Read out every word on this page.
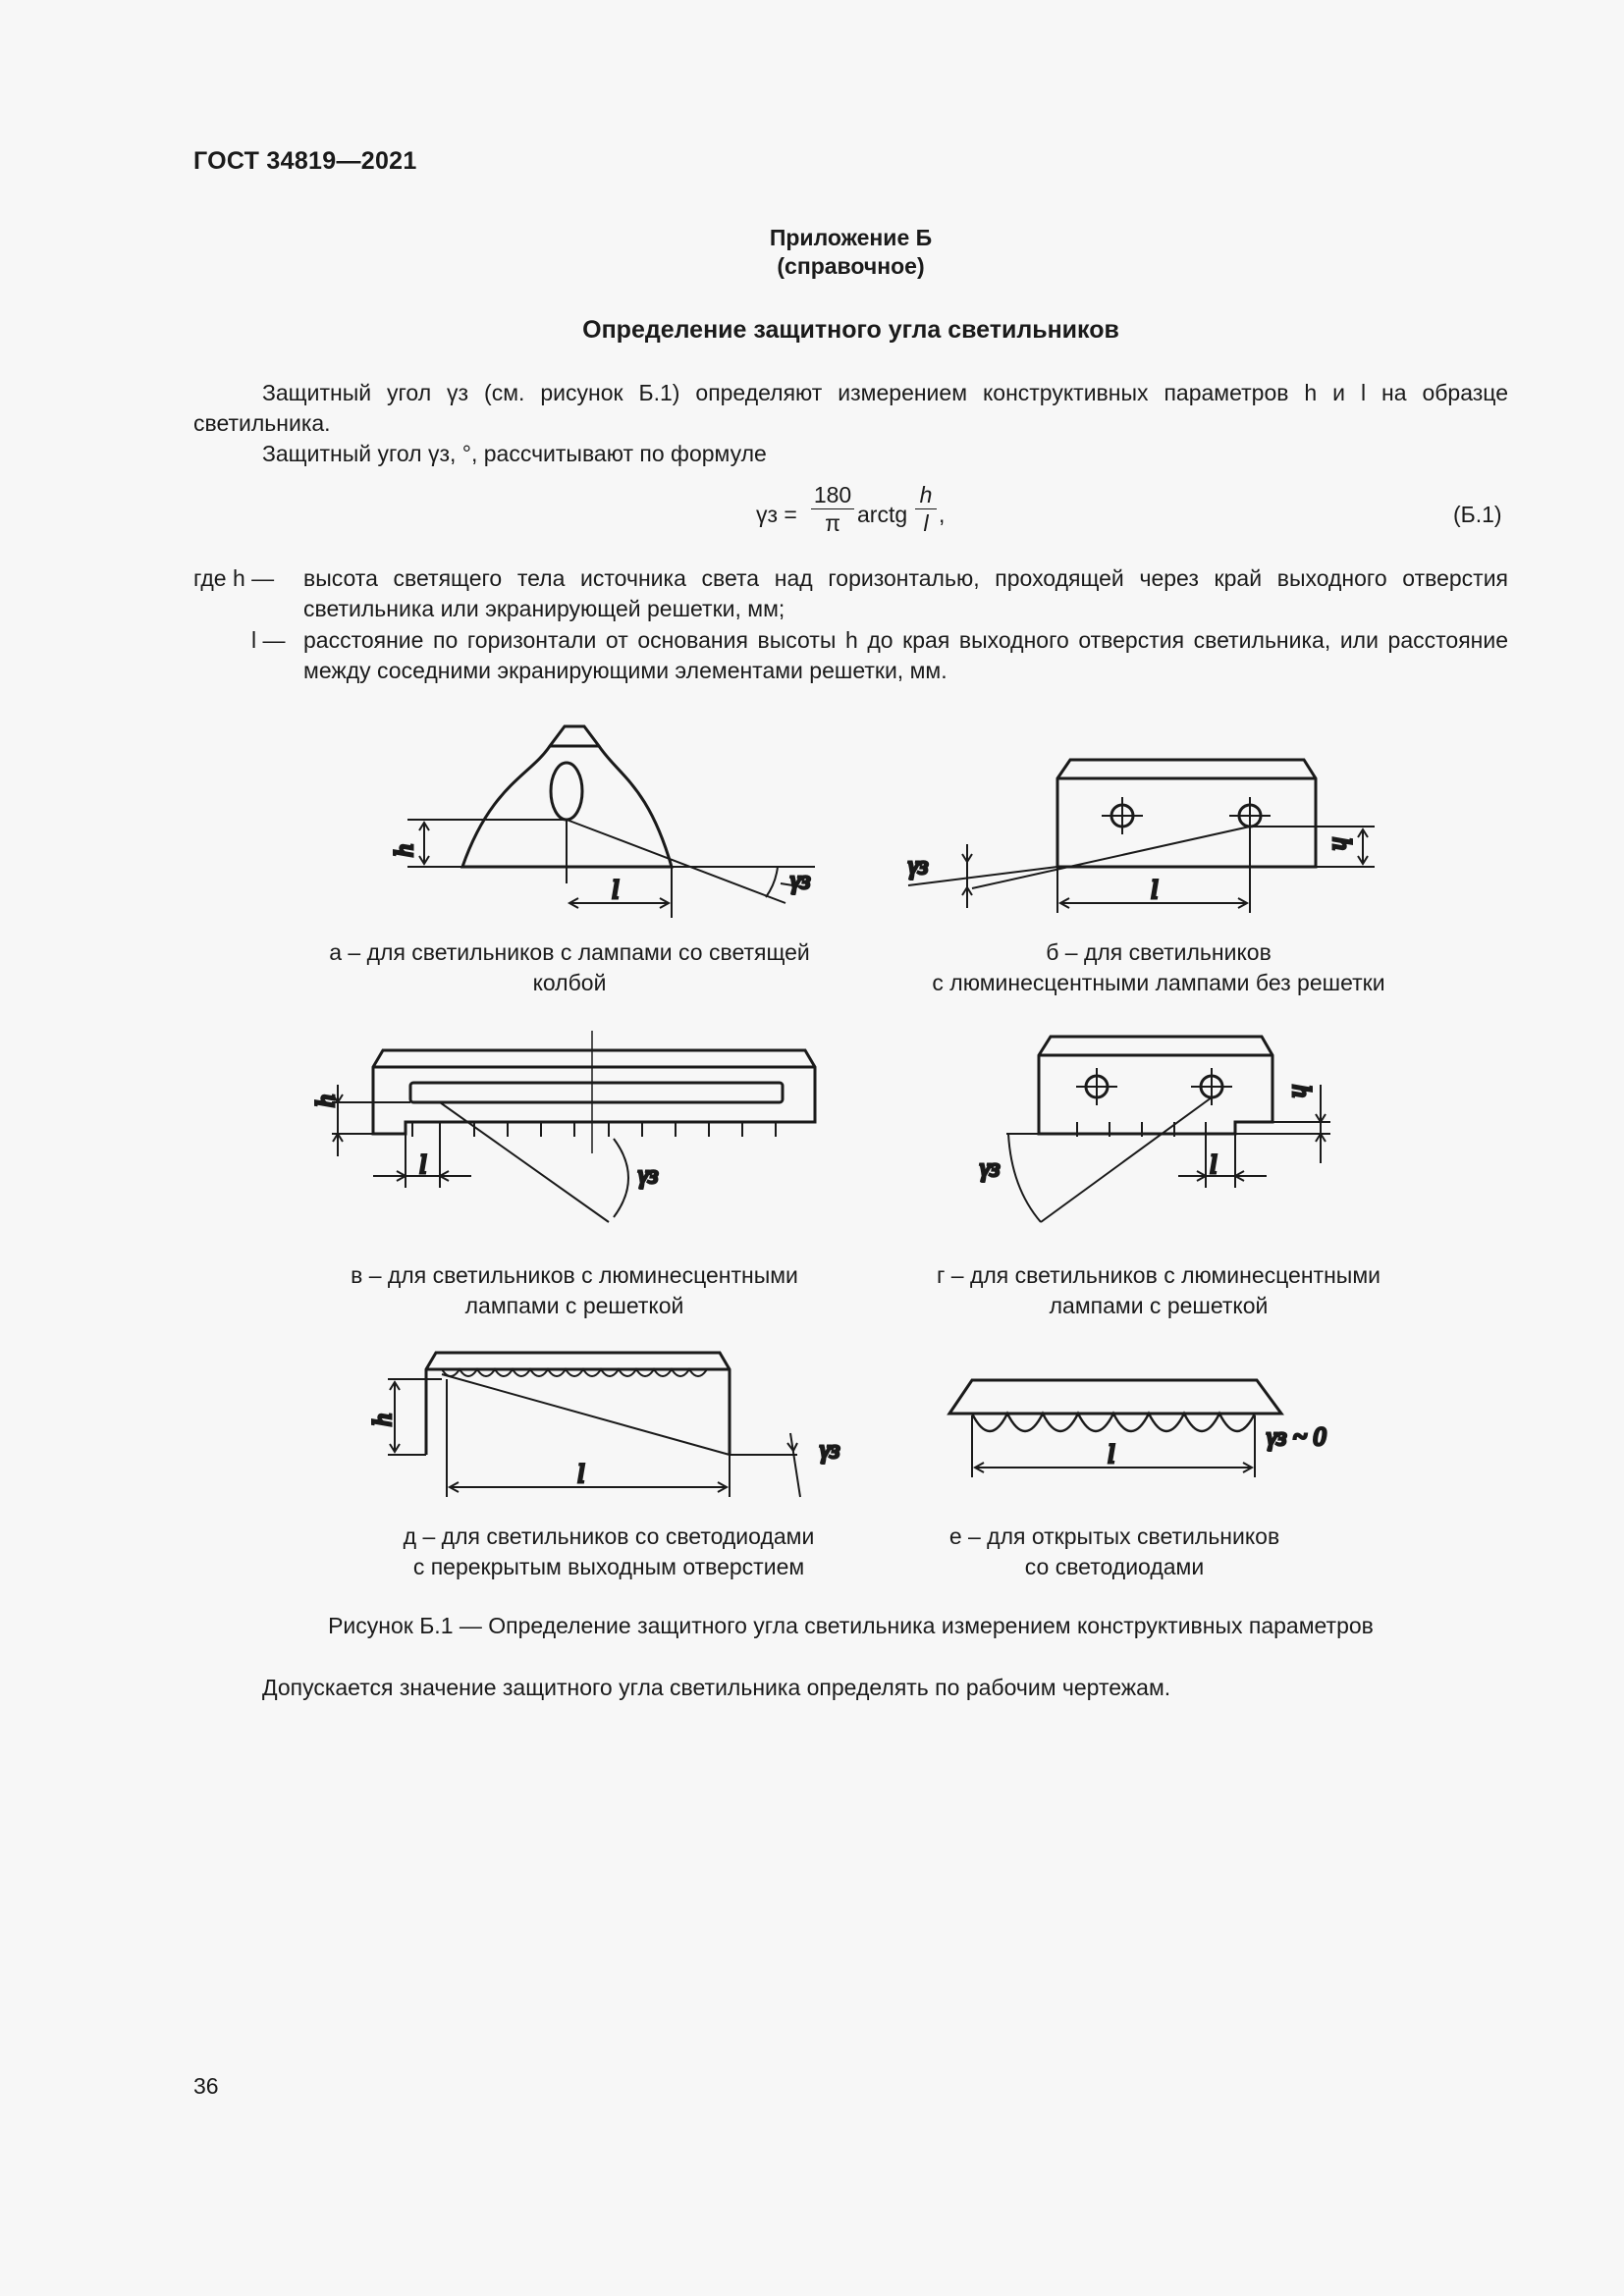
ГОСТ 34819—2021
Приложение Б
(справочное)
Определение защитного угла светильников
Защитный угол γз (см. рисунок Б.1) определяют измерением конструктивных параметров h и l на образце светильника.
Защитный угол γз, °, рассчитывают по формуле
$\gamma з = \frac{180}{\pi}$ arctg $\frac{h}{l}$ ,	(Б.1)
где h — высота светящего тела источника света над горизонталью, проходящей через край выходного отверстия светильника или экранирующей решетки, мм;
l — расстояние по горизонтали от основания высоты h до края выходного отверстия светильника, или расстояние между соседними экранирующими элементами решетки, мм.
h
l	γз
h
l
γз
h
l	γз
h
l
γз
h
l
γз	l
γз ~ 0
а – для светильников с лампами со светящей
колбой
б – для светильников
с люминесцентными лампами без решетки
в – для светильников с люминесцентными
лампами с решеткой
г – для светильников с люминесцентными
лампами с решеткой
д – для светильников со светодиодами
с перекрытым выходным отверстием
е – для открытых светильников
со светодиодами
Рисунок Б.1 — Определение защитного угла светильника измерением конструктивных параметров
Допускается значение защитного угла светильника определять по рабочим чертежам.
36
